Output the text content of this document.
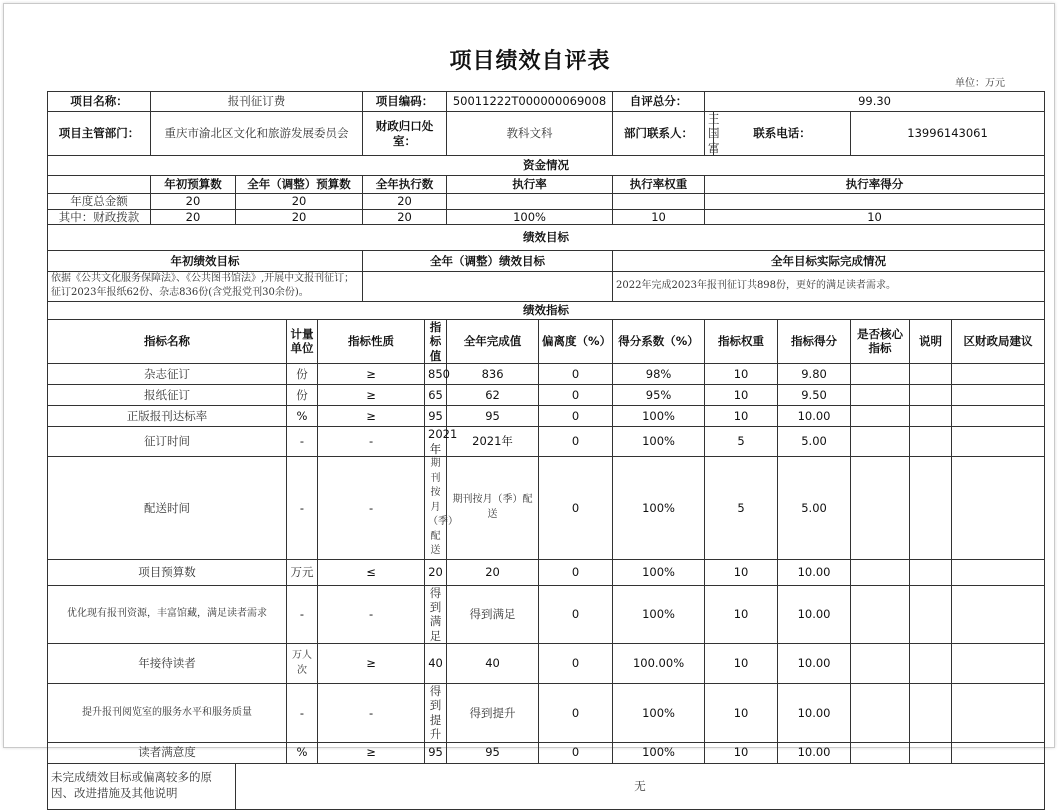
项目绩效自评表
单位：万元
项目名称：	报刊征订费				项目编码：		50011222T000000069008		自评总分：	99.30					
项目主管部门：	重庆市渝北区文化和旅游发展委员会				财政归口处室：		教科文科		部门联系人：	王国富	联系电话：		13996143061		
资金情况															
	年初预算数	全年（调整）预算数			全年执行数		执行率		执行率权重	执行率得分					
年度总金额	20	20			20										
其中：财政拨款	20	20			20		100%		10	10					
绩效目标															
年初绩效目标					全年（调整）绩效目标				全年目标实际完成情况						
依据《公共文化服务保障法》、《公共图书馆法》,开展中文报刊征订；征订2023年报纸62份、杂志836份(含党报党刊30余份)。									2022年完成2023年报刊征订共898份，更好的满足读者需求。						
绩效指标															
指标名称			计量单位	指标性质		指标值	全年完成值	偏离度（%）	得分系数（%）	指标权重		指标得分	是否核心指标	说明	区财政局建议
杂志征订			份	≥		850	836	0	98%	10		9.80			
报纸征订			份	≥		65	62	0	95%	10		9.50			
正版报刊达标率			%	≥		95	95	0	100%	10		10.00			
征订时间			-	-		2021年	2021年	0	100%	5		5.00			
配送时间			-	-		期刊按月（季）配送	期刊按月（季）配送	0	100%	5		5.00			
项目预算数			万元	≤		20	20	0	100%	10		10.00			
优化现有报刊资源，丰富馆藏，满足读者需求			-	-		得到满足	得到满足	0	100%	10		10.00			
年接待读者			万人次	≥		40	40	0	100.00%	10		10.00			
提升报刊阅览室的服务水平和服务质量			-	-		得到提升	得到提升	0	100%	10		10.00			
读者满意度			%	≥		95	95	0	100%	10		10.00			
未完成绩效目标或偏离较多的原因、改进措施及其他说明		无													
